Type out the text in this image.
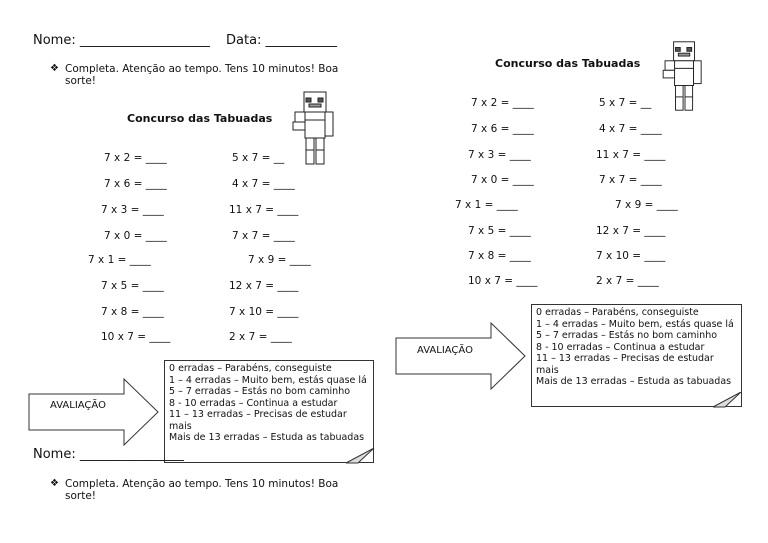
Nome: ____________________ Data: ___________
❖ Completa. Atenção ao tempo. Tens 10 minutos! Boa sorte!
Concurso das Tabuadas
7 x 2 = ____
7 x 6 = ____
7 x 3 = ____
7 x 0 = ____
7 x 1 = ____
7 x 5 = ____
7 x 8 = ____
10 x 7 = ____
5 x 7 = __
4 x 7 = ____
11 x 7 = ____
7 x 7 = ____
7 x 9 = ____
12 x 7 = ____
7 x 10 = ____
2 x 7 = ____
AVALIAÇÃO
0 erradas – Parabéns, conseguiste
1 – 4 erradas – Muito bem, estás quase lá
5 – 7 erradas – Estás no bom caminho
8 - 10 erradas – Continua a estudar
11 – 13 erradas – Precisas de estudar mais
Mais de 13 erradas – Estuda as tabuadas
Nome: ________________
❖ Completa. Atenção ao tempo. Tens 10 minutos! Boa sorte!
Concurso das Tabuadas
7 x 2 = ____
7 x 6 = ____
7 x 3 = ____
7 x 0 = ____
7 x 1 = ____
7 x 5 = ____
7 x 8 = ____
10 x 7 = ____
5 x 7 = __
4 x 7 = ____
11 x 7 = ____
7 x 7 = ____
7 x 9 = ____
12 x 7 = ____
7 x 10 = ____
2 x 7 = ____
AVALIAÇÃO
0 erradas – Parabéns, conseguiste
1 – 4 erradas – Muito bem, estás quase lá
5 – 7 erradas – Estás no bom caminho
8 - 10 erradas – Continua a estudar
11 – 13 erradas – Precisas de estudar mais
Mais de 13 erradas – Estuda as tabuadas
